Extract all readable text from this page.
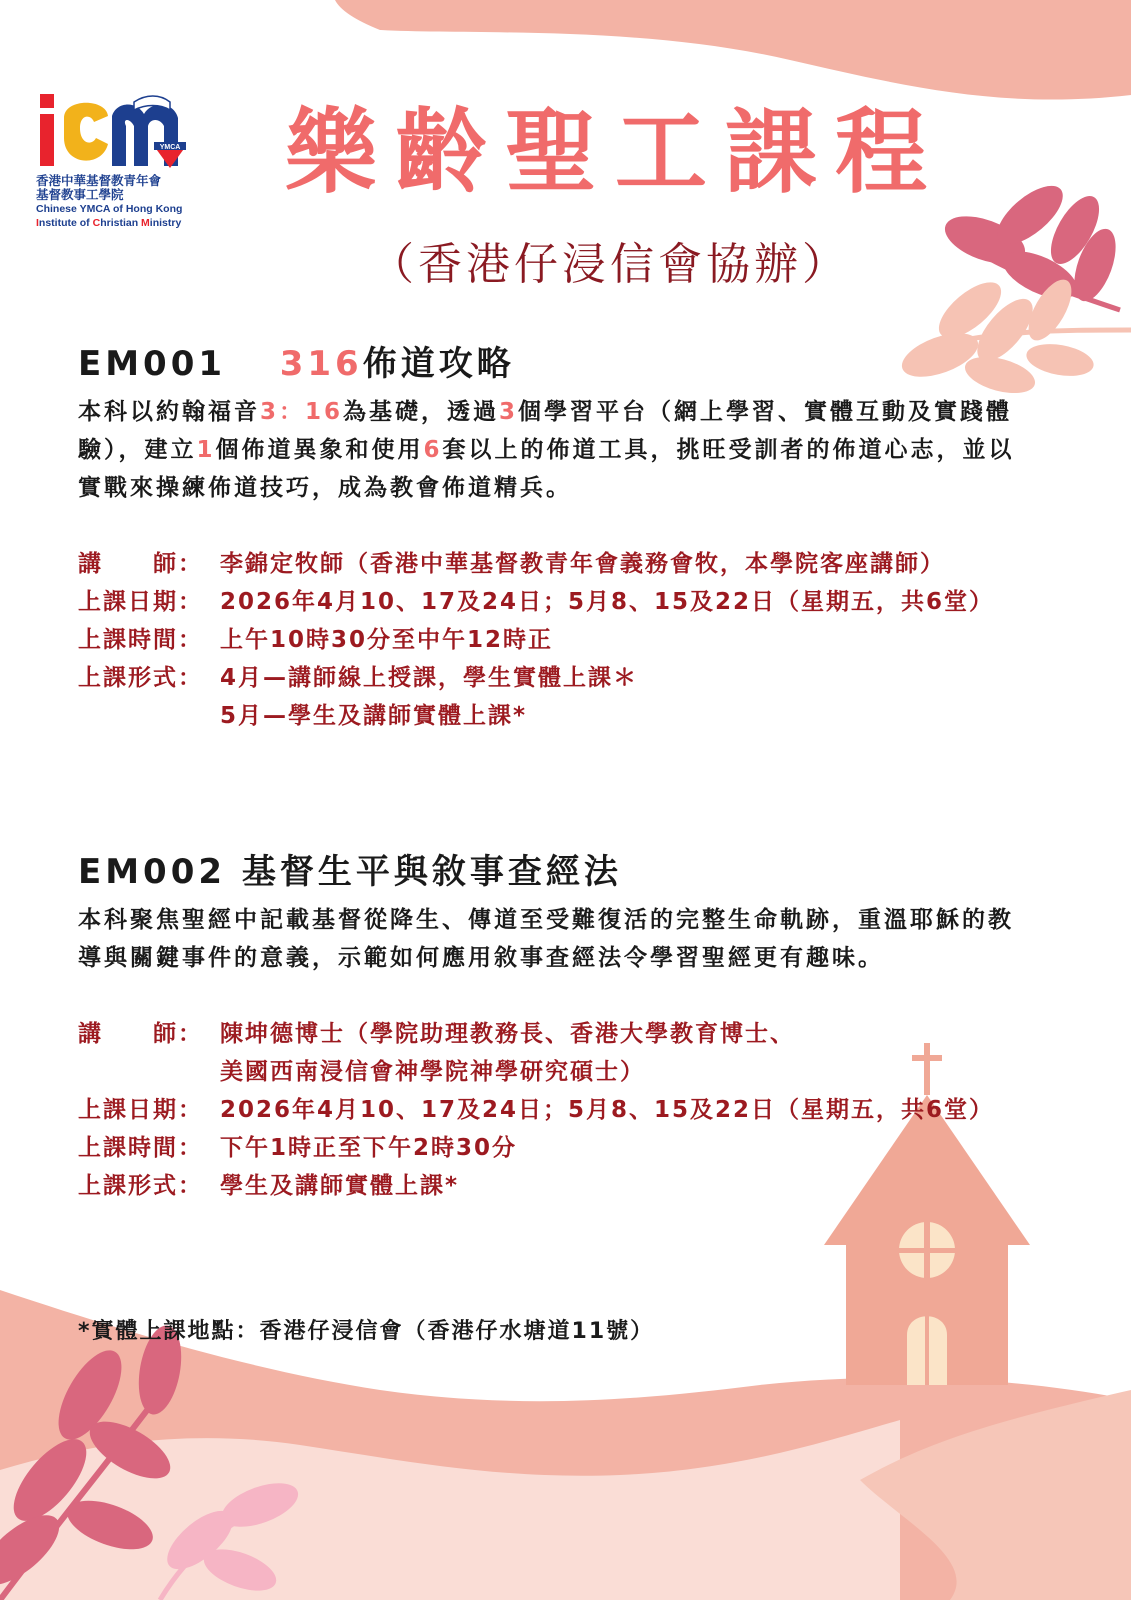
YMCA
香港中華基督教青年會
基督教事工學院
Chinese YMCA of Hong Kong
Institute of Christian Ministry
樂齡聖工課程
（香港仔浸信會協辦）
EM001 316佈道攻略
本科以約翰福音3：16為基礎，透過3個學習平台（網上學習、實體互動及實踐體驗），建立1個佈道異象和使用6套以上的佈道工具，挑旺受訓者的佈道心志，並以實戰來操練佈道技巧，成為教會佈道精兵。
講　　師： 李錦定牧師（香港中華基督教青年會義務會牧，本學院客座講師）
上課日期： 2026年4月10、17及24日；5月8、15及22日（星期五，共6堂）
上課時間： 上午10時30分至中午12時正
上課形式： 4月—講師線上授課，學生實體上課＊
5月—學生及講師實體上課*
EM002 基督生平與敘事查經法
本科聚焦聖經中記載基督從降生、傳道至受難復活的完整生命軌跡，重溫耶穌的教導與關鍵事件的意義，示範如何應用敘事查經法令學習聖經更有趣味。
講　　師： 陳坤德博士（學院助理教務長、香港大學教育博士、
美國西南浸信會神學院神學研究碩士）
上課日期： 2026年4月10、17及24日；5月8、15及22日（星期五，共6堂）
上課時間： 下午1時正至下午2時30分
上課形式： 學生及講師實體上課*
*實體上課地點：香港仔浸信會（香港仔水塘道11號）
